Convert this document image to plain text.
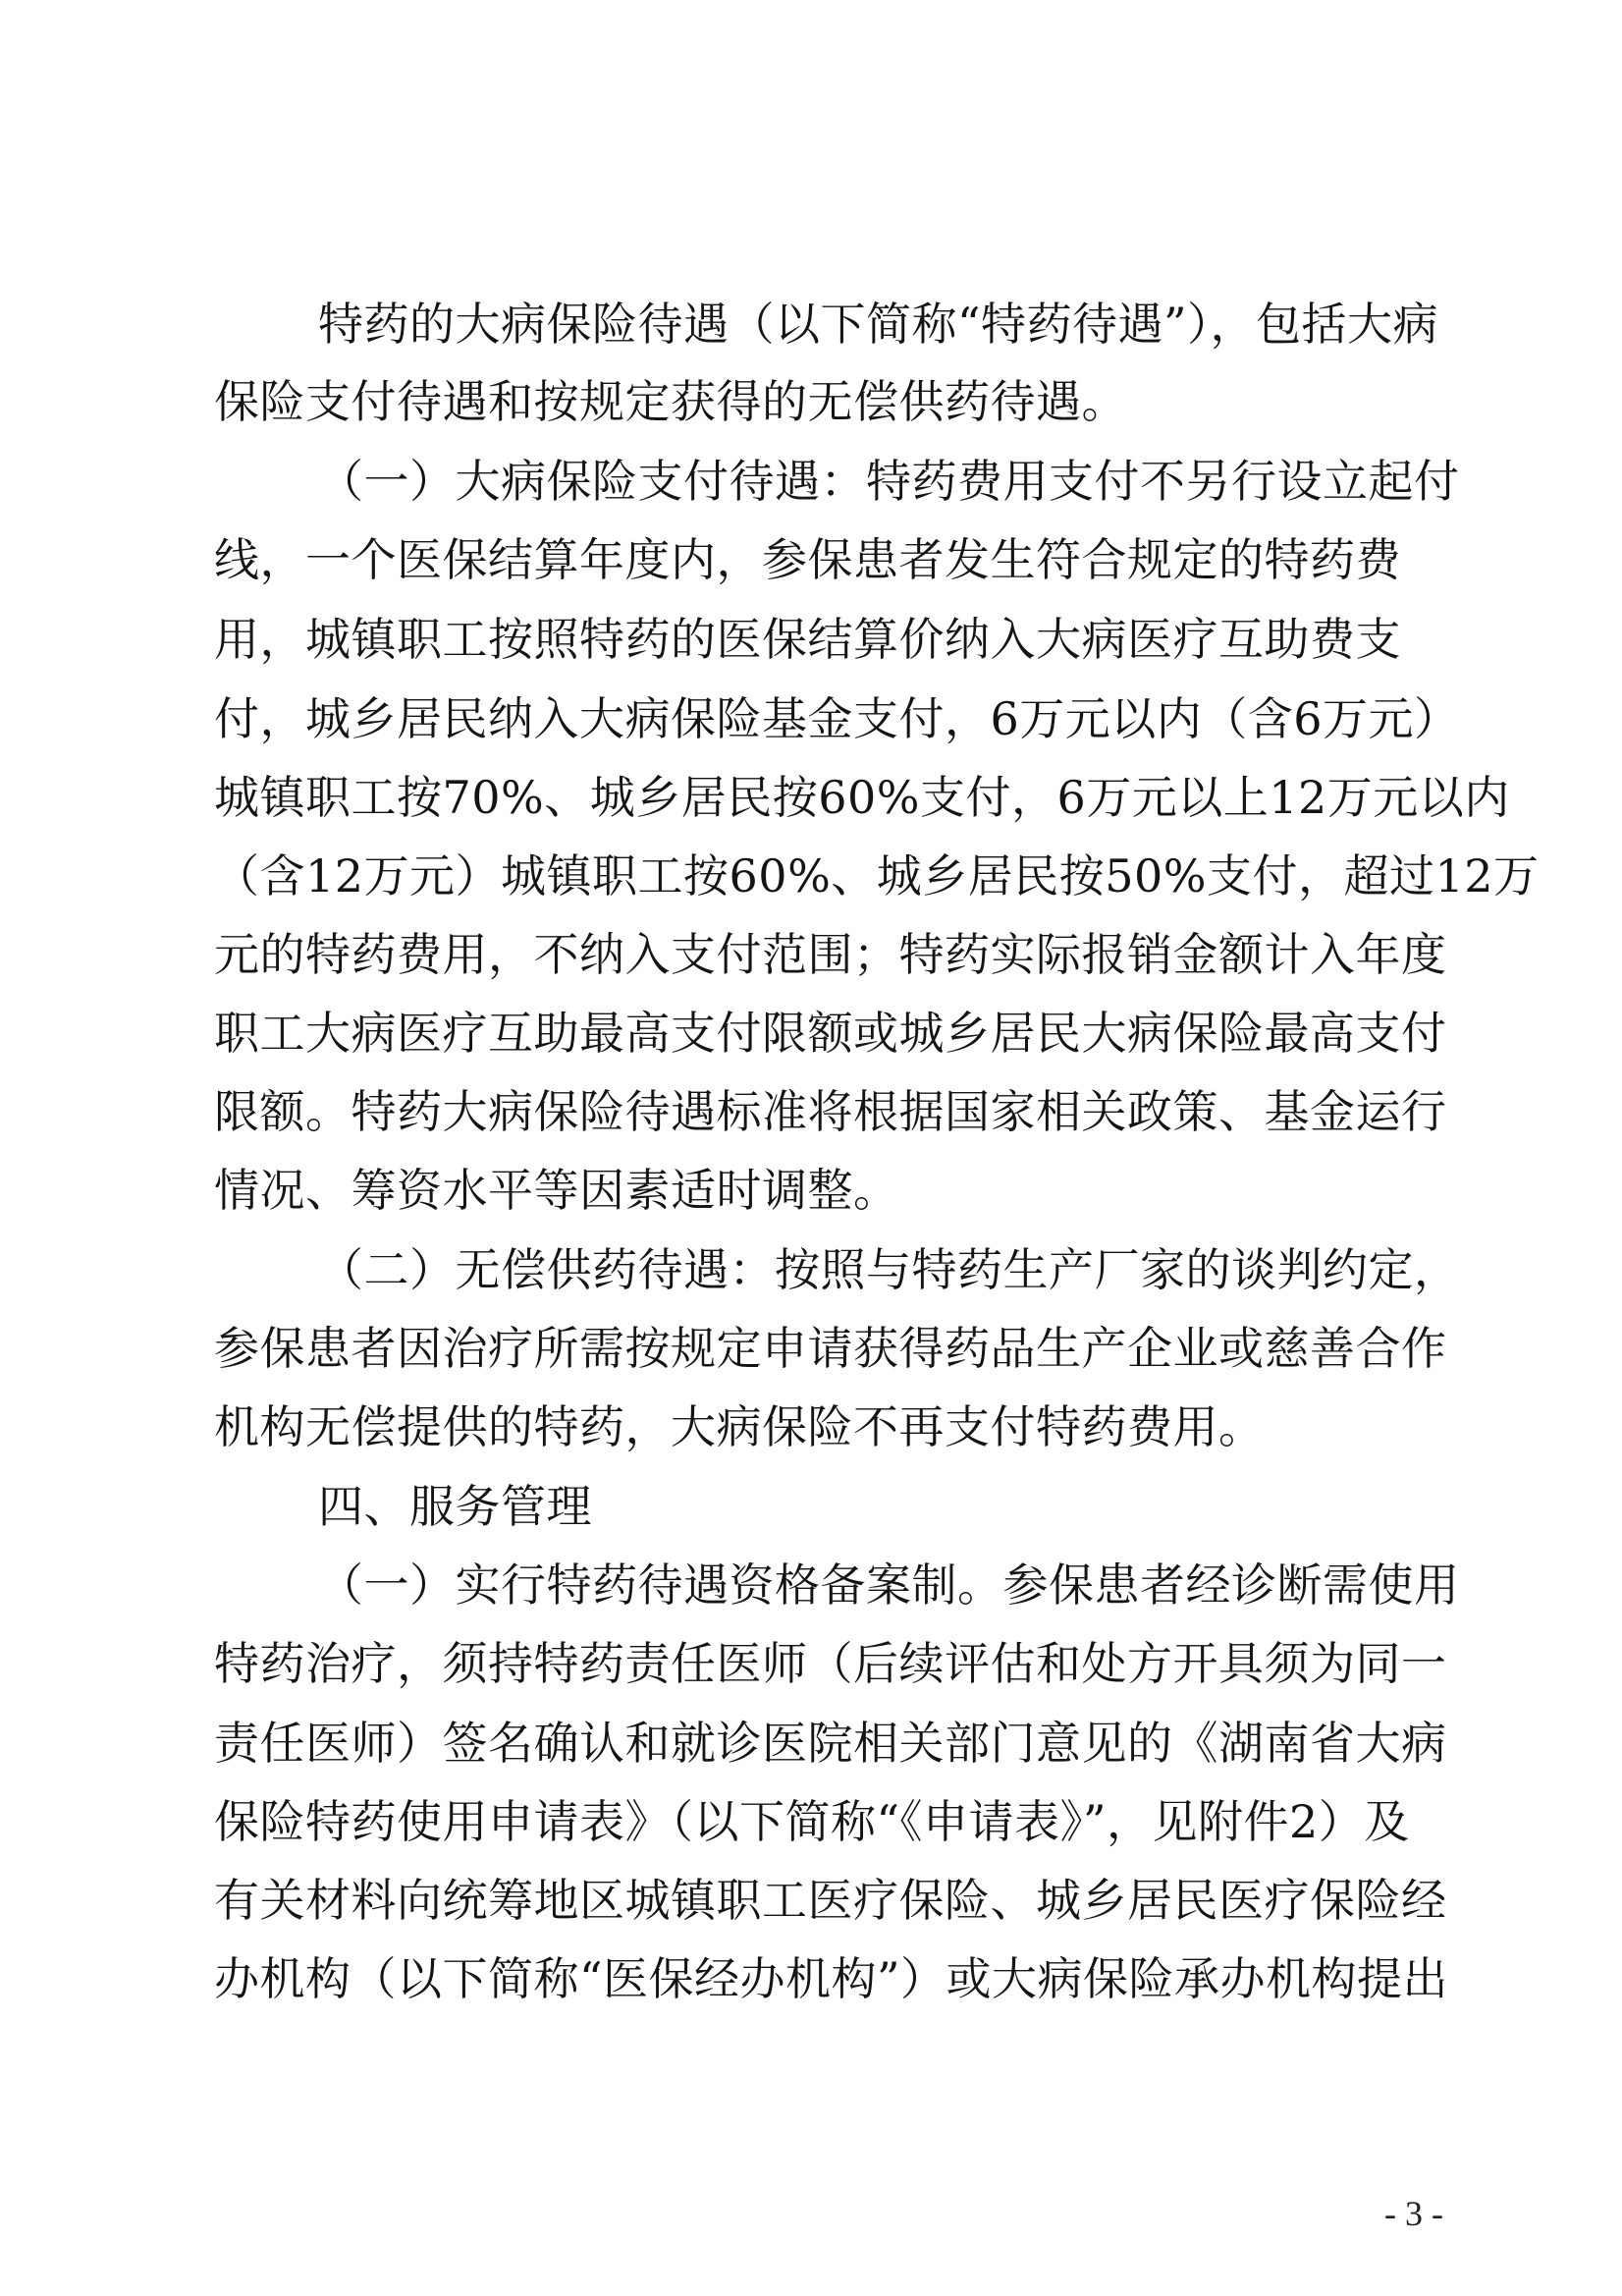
特药的大病保险待遇（以下简称“特药待遇”），包括大病
保险支付待遇和按规定获得的无偿供药待遇。
（一）大病保险支付待遇：特药费用支付不另行设立起付
线，一个医保结算年度内，参保患者发生符合规定的特药费
用，城镇职工按照特药的医保结算价纳入大病医疗互助费支
付，城乡居民纳入大病保险基金支付，6万元以内（含6万元）
城镇职工按70%、城乡居民按60%支付，6万元以上12万元以内
（含12万元）城镇职工按60%、城乡居民按50%支付，超过12万
元的特药费用，不纳入支付范围；特药实际报销金额计入年度
职工大病医疗互助最高支付限额或城乡居民大病保险最高支付
限额。特药大病保险待遇标准将根据国家相关政策、基金运行
情况、筹资水平等因素适时调整。
（二）无偿供药待遇：按照与特药生产厂家的谈判约定，
参保患者因治疗所需按规定申请获得药品生产企业或慈善合作
机构无偿提供的特药，大病保险不再支付特药费用。
四、服务管理
（一）实行特药待遇资格备案制。参保患者经诊断需使用
特药治疗，须持特药责任医师（后续评估和处方开具须为同一
责任医师）签名确认和就诊医院相关部门意见的《湖南省大病
保险特药使用申请表》（以下简称“《申请表》”，见附件2）及
有关材料向统筹地区城镇职工医疗保险、城乡居民医疗保险经
办机构（以下简称“医保经办机构”）或大病保险承办机构提出
- 3 -
